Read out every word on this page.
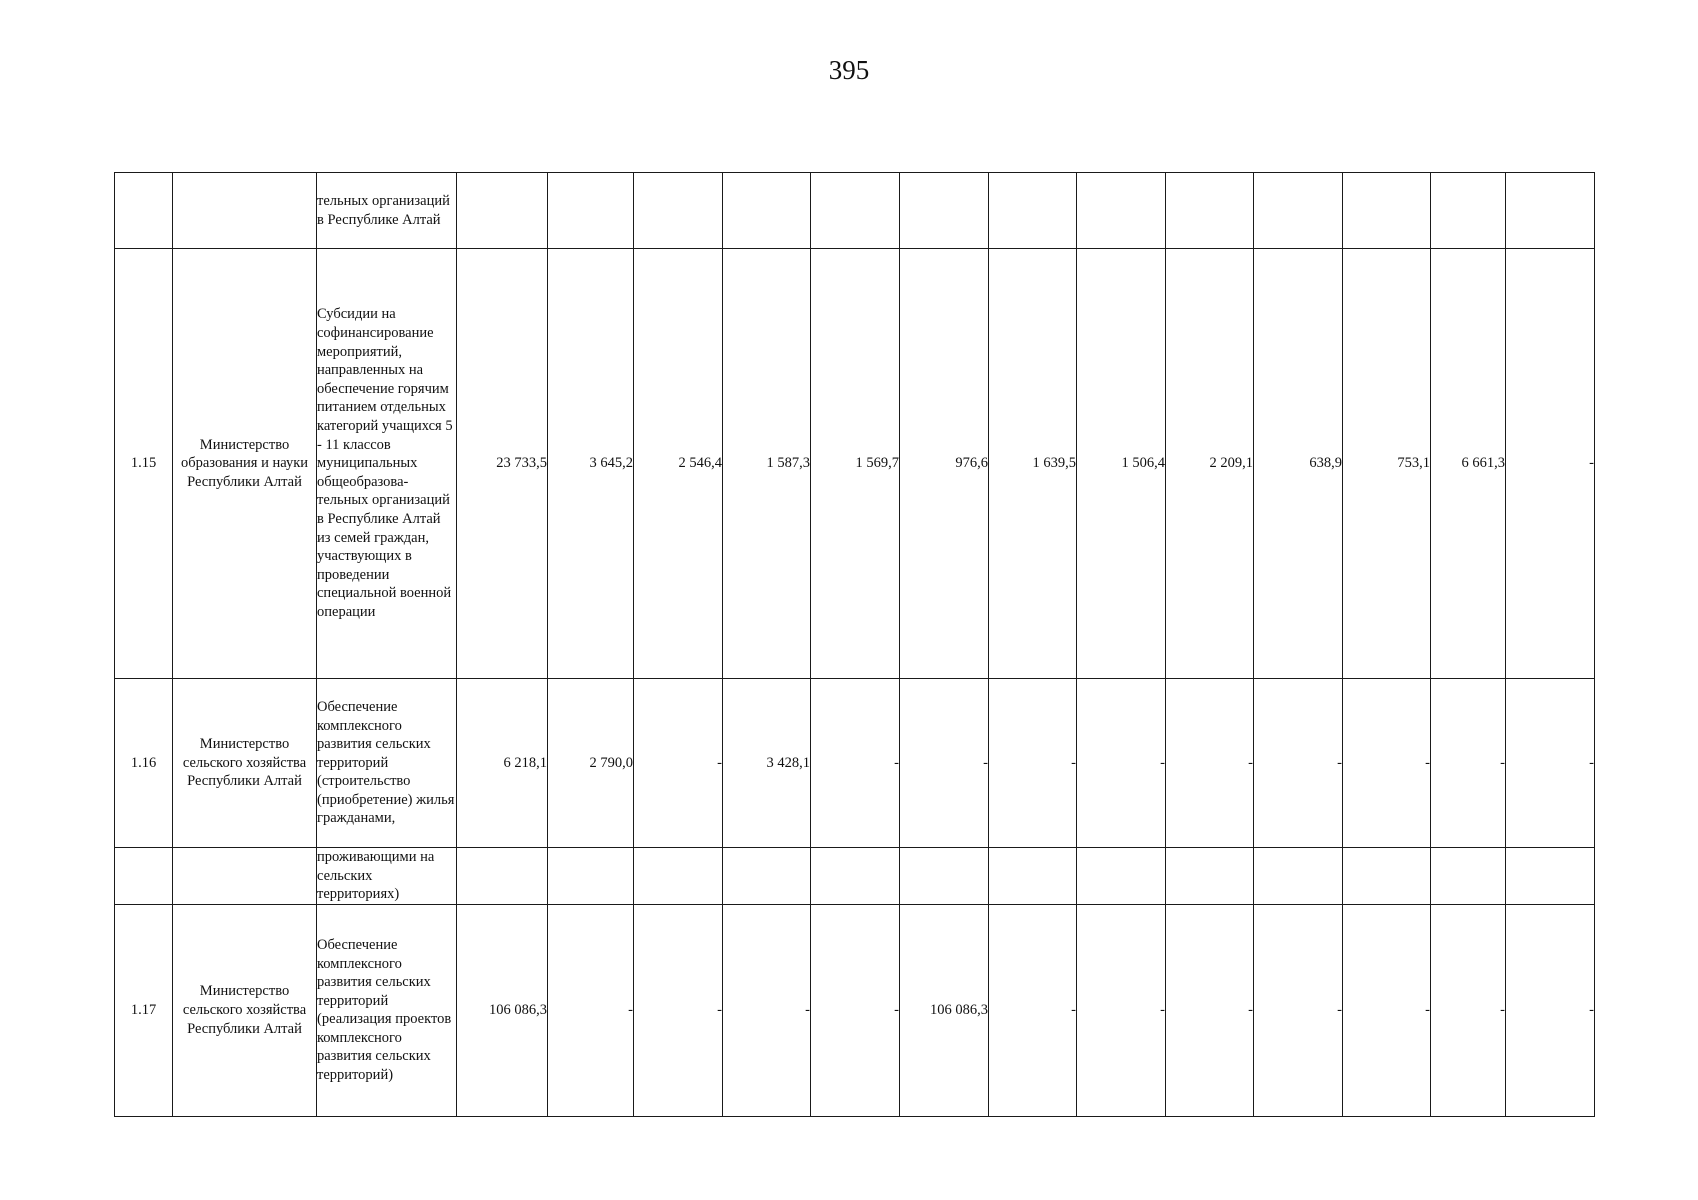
395
		тельных организаций в Республике Алтай													
1.15	Министерство образования и науки Республики Алтай	Субсидии на софинансирование мероприятий, направленных на обеспечение горячим питанием отдельных категорий учащихся 5 - 11 классов муниципальных общеобразова-тельных организаций в Республике Алтай из семей граждан, участвующих в проведении специальной военной операции	23 733,5	3 645,2	2 546,4	1 587,3	1 569,7	976,6	1 639,5	1 506,4	2 209,1	638,9	753,1	6 661,3	-
1.16	Министерство сельского хозяйства Республики Алтай	Обеспечение комплексного развития сельских территорий (строительство (приобретение) жилья гражданами,	6 218,1	2 790,0	-	3 428,1	-	-	-	-	-	-	-	-	-
		проживающими на сельских территориях)													
1.17	Министерство сельского хозяйства Республики Алтай	Обеспечение комплексного развития сельских территорий (реализация проектов комплексного развития сельских территорий)	106 086,3	-	-	-	-	106 086,3	-	-	-	-	-	-	-
